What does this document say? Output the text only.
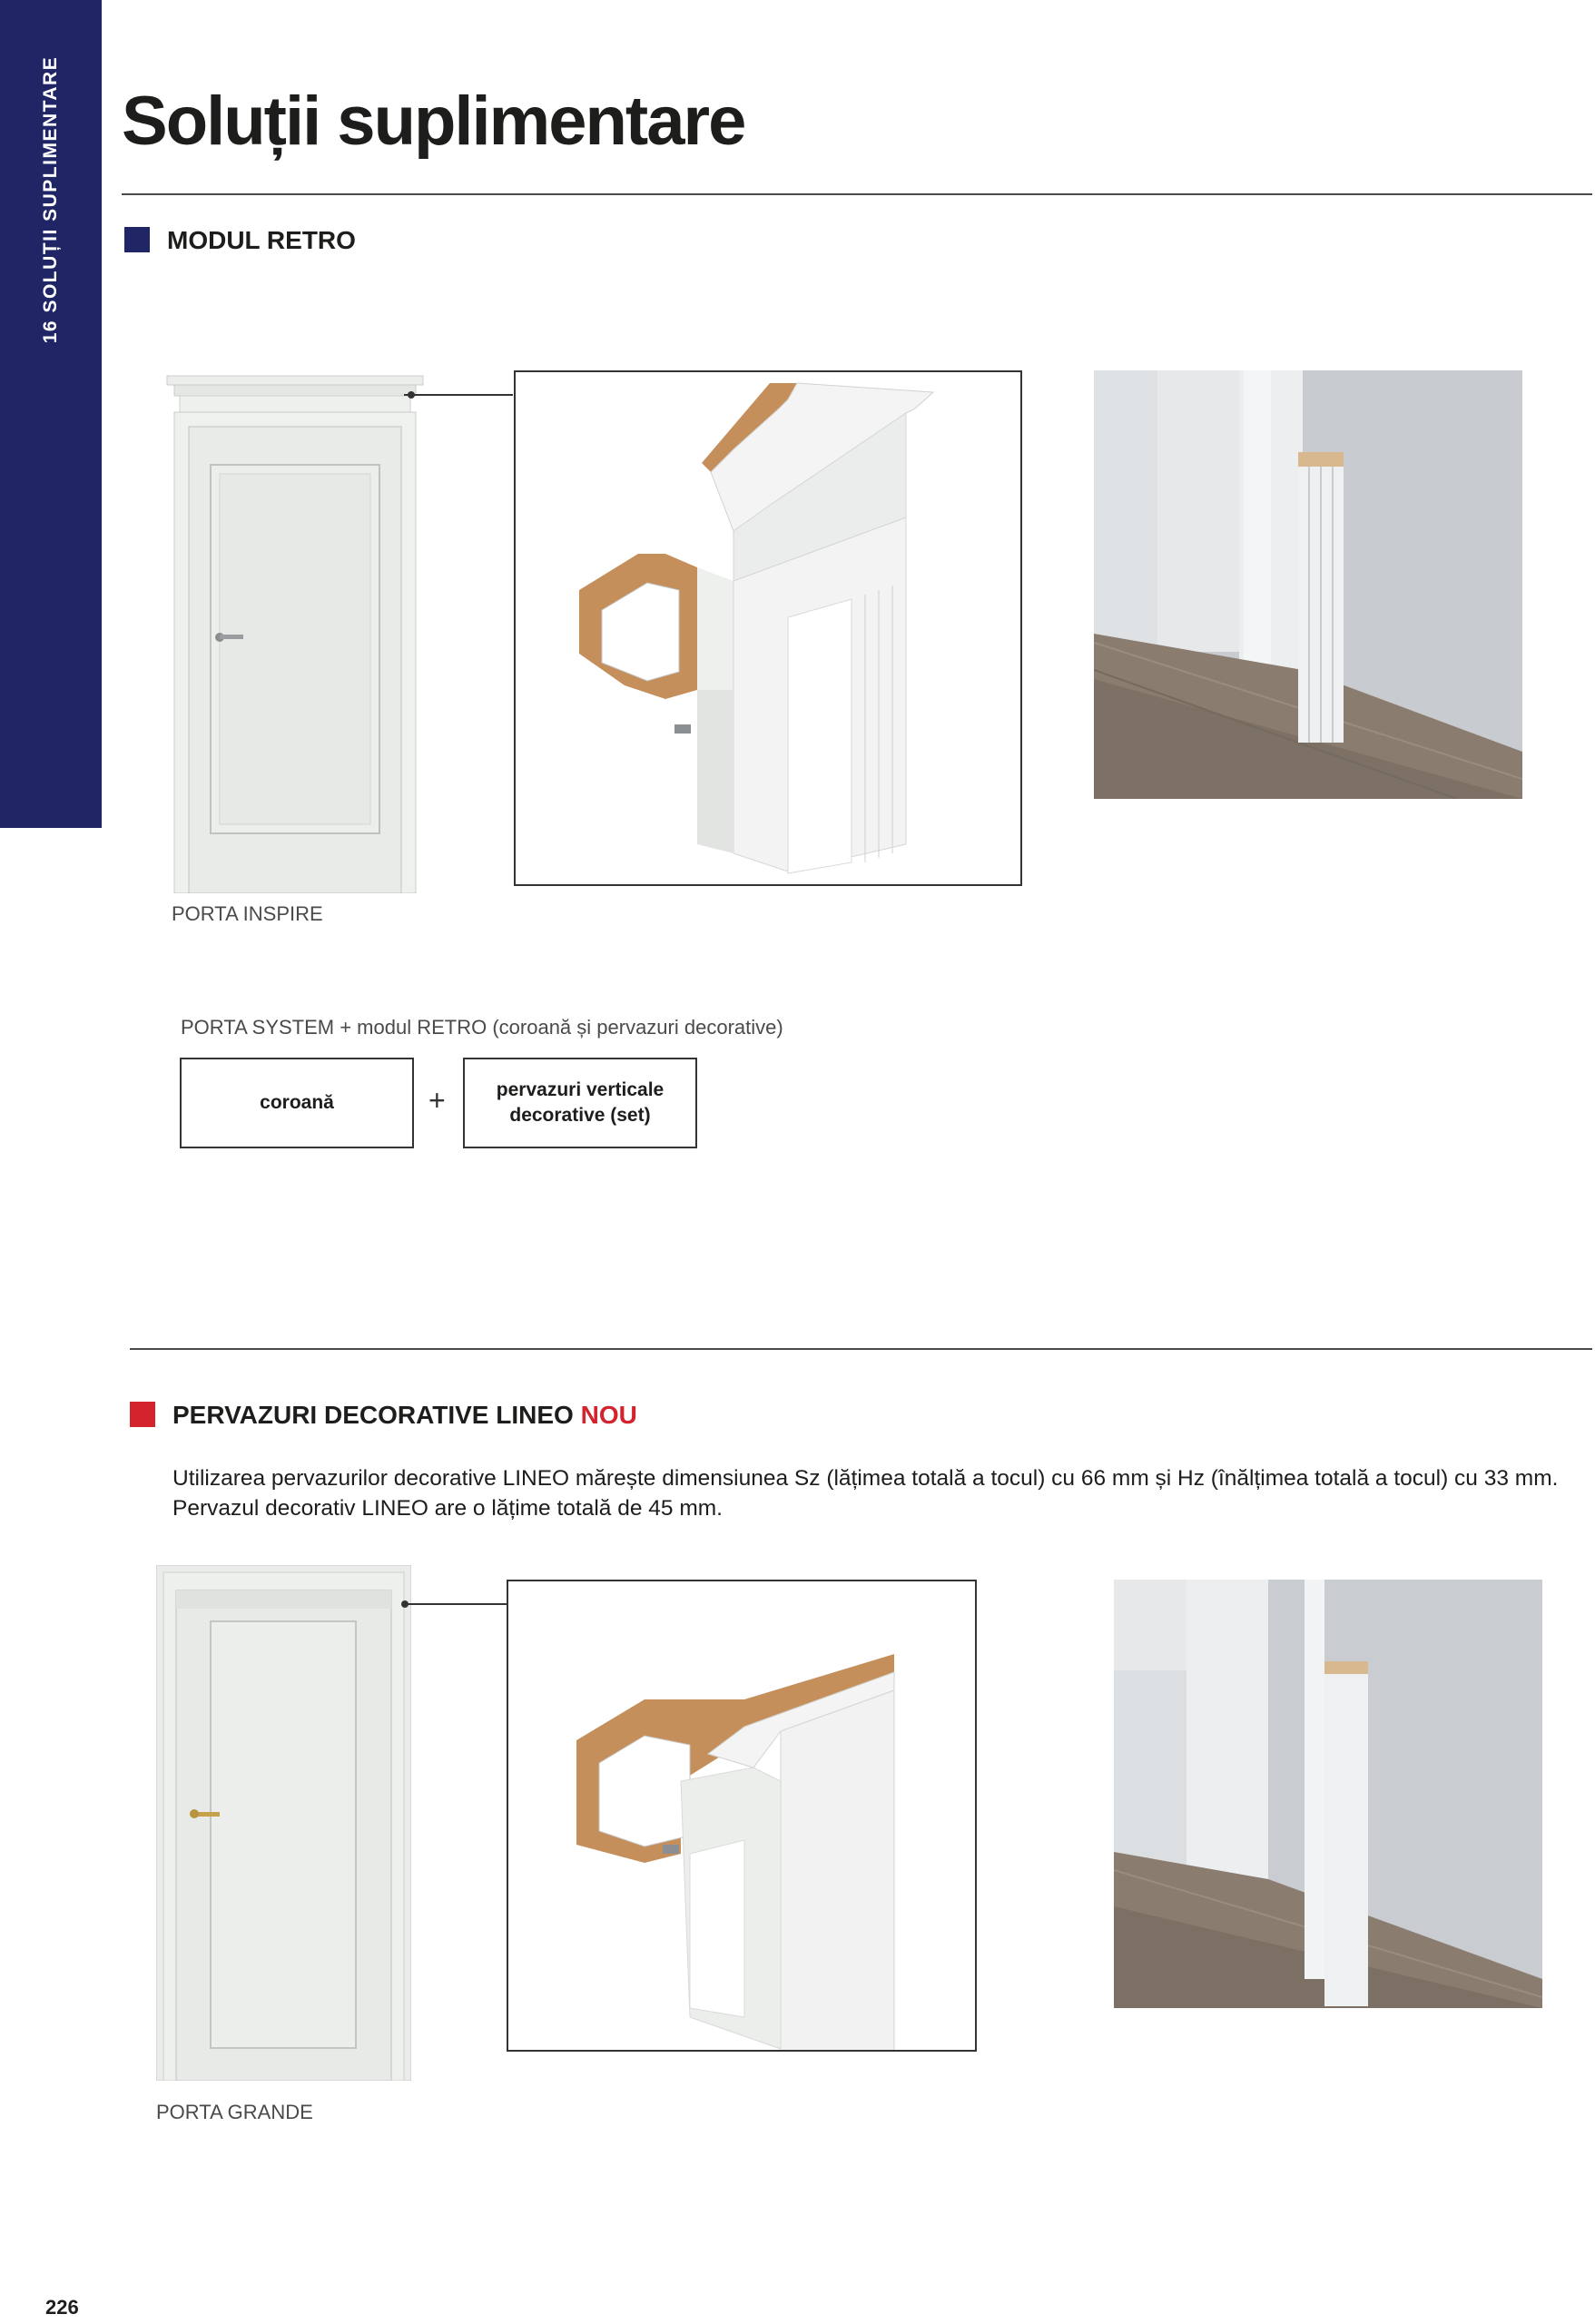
16 SOLUȚII SUPLIMENTARE Soluții suplimentare
MODUL RETRO
PORTA INSPIRE
PORTA SYSTEM + modul RETRO (coroană și pervazuri decorative)
coroană	+	pervazuri verticale
decorative (set)
PERVAZURI DECORATIVE LINEO NOU
Utilizarea pervazurilor decorative LINEO mărește dimensiunea Sz (lățimea totală a tocul) cu 66 mm și Hz (înălțimea totală a tocul) cu 33 mm.
Pervazul decorativ LINEO are o lățime totală de 45 mm.
PORTA GRANDE
226
